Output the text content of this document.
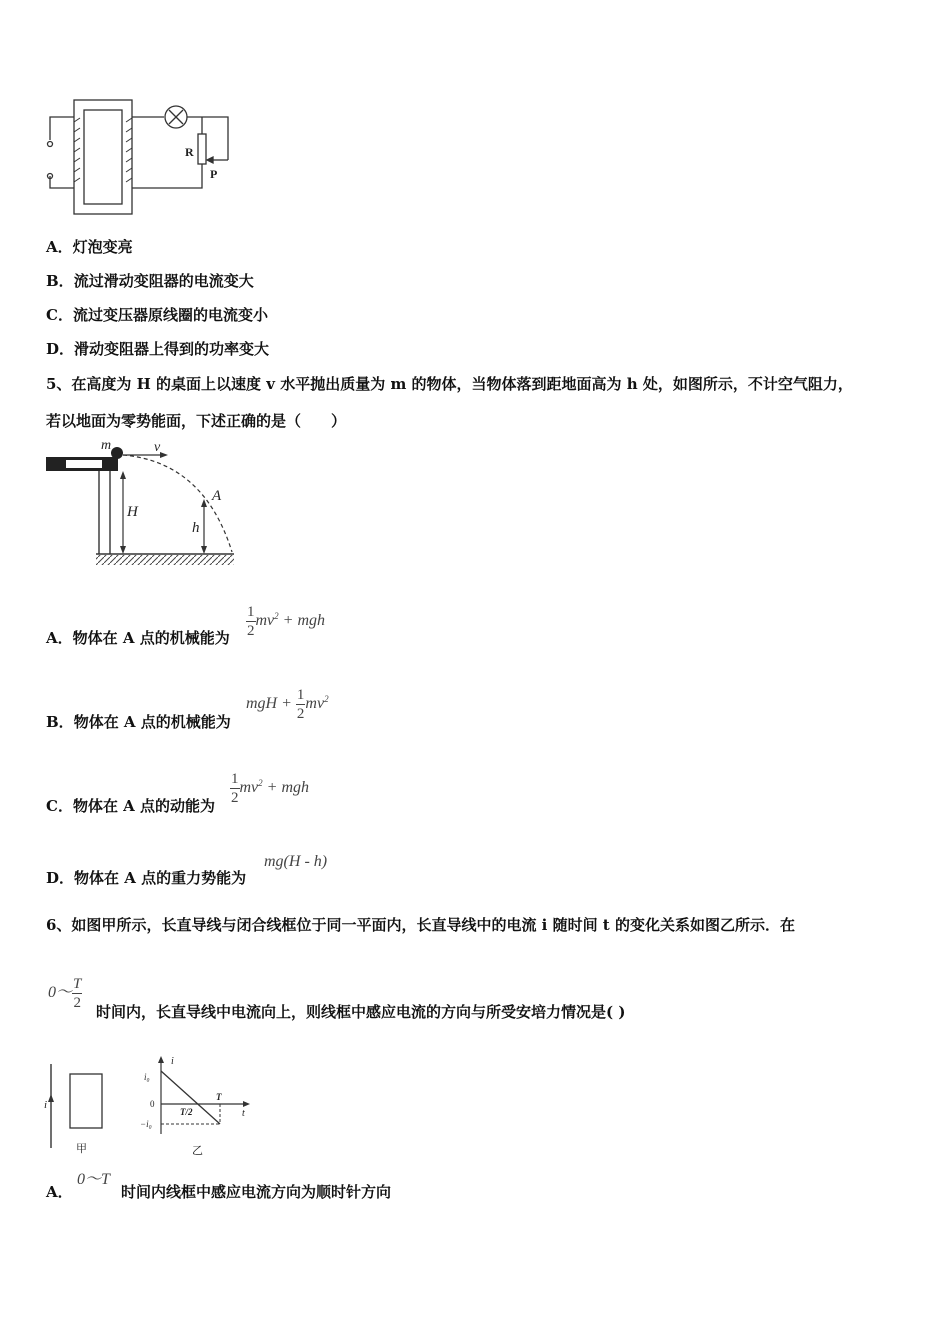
R
P
A．灯泡变亮
B．流过滑动变阻器的电流变大
C．流过变压器原线圈的电流变小
D．滑动变阻器上得到的功率变大
5、在高度为 H 的桌面上以速度 v 水平抛出质量为 m 的物体，当物体落到距地面高为 h 处，如图所示，不计空气阻力，
若以地面为零势能面，下述正确的是（　　）
m	v
H
h
A
A．物体在 A 点的机械能为 $\frac{1}{2} mv^2$ + mgh
B．物体在 A 点的机械能为
mgH + $\frac{1}{2} mv^2$
C．物体在 A 点的动能为 $\frac{1}{2} mv^2$ + mgh
D．物体在 A 点的重力势能为
mg(H - h)
6、如图甲所示，长直导线与闭合线框位于同一平面内，长直导线中的电流 i 随时间 t 的变化关系如图乙所示．在
0～ $\frac{T}{2}$ 时间内，长直导线中电流向上，则线框中感应电流的方向与所受安培力情况是( )
i
甲
i
t
i₀
0
−i₀
T/2
T
乙
A．
0～T
时间内线框中感应电流方向为顺时针方向
